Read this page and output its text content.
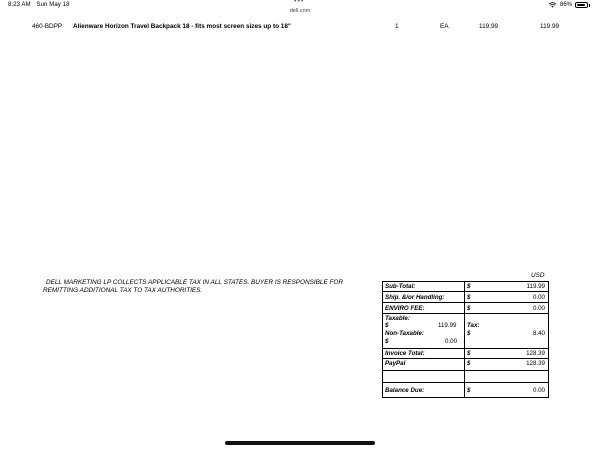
8:23 AM Sun May 18	•••
dell.com
86%
460-BDPP Alienware Horizon Travel Backpack 18 - fits most screen sizes up to 18"	1	EA	119.99	119.99
DELL MARKETING LP COLLECTS APPLICABLE TAX IN ALL STATES. BUYER IS RESPONSIBLE FOR
REMITTING ADDITIONAL TAX TO TAX AUTHORITIES.
USD
Sub-Total:	$	119.99
Ship. &/or Handling:	$	0.00
ENVIRO FEE:	$	0.00
Taxable:
$	119.99
Non-Taxable:
$	0.00
Tax:
$	8.40
Invoice Total:	$	128.39
PayPal	$	128.39
Balance Due:	$	0.00
